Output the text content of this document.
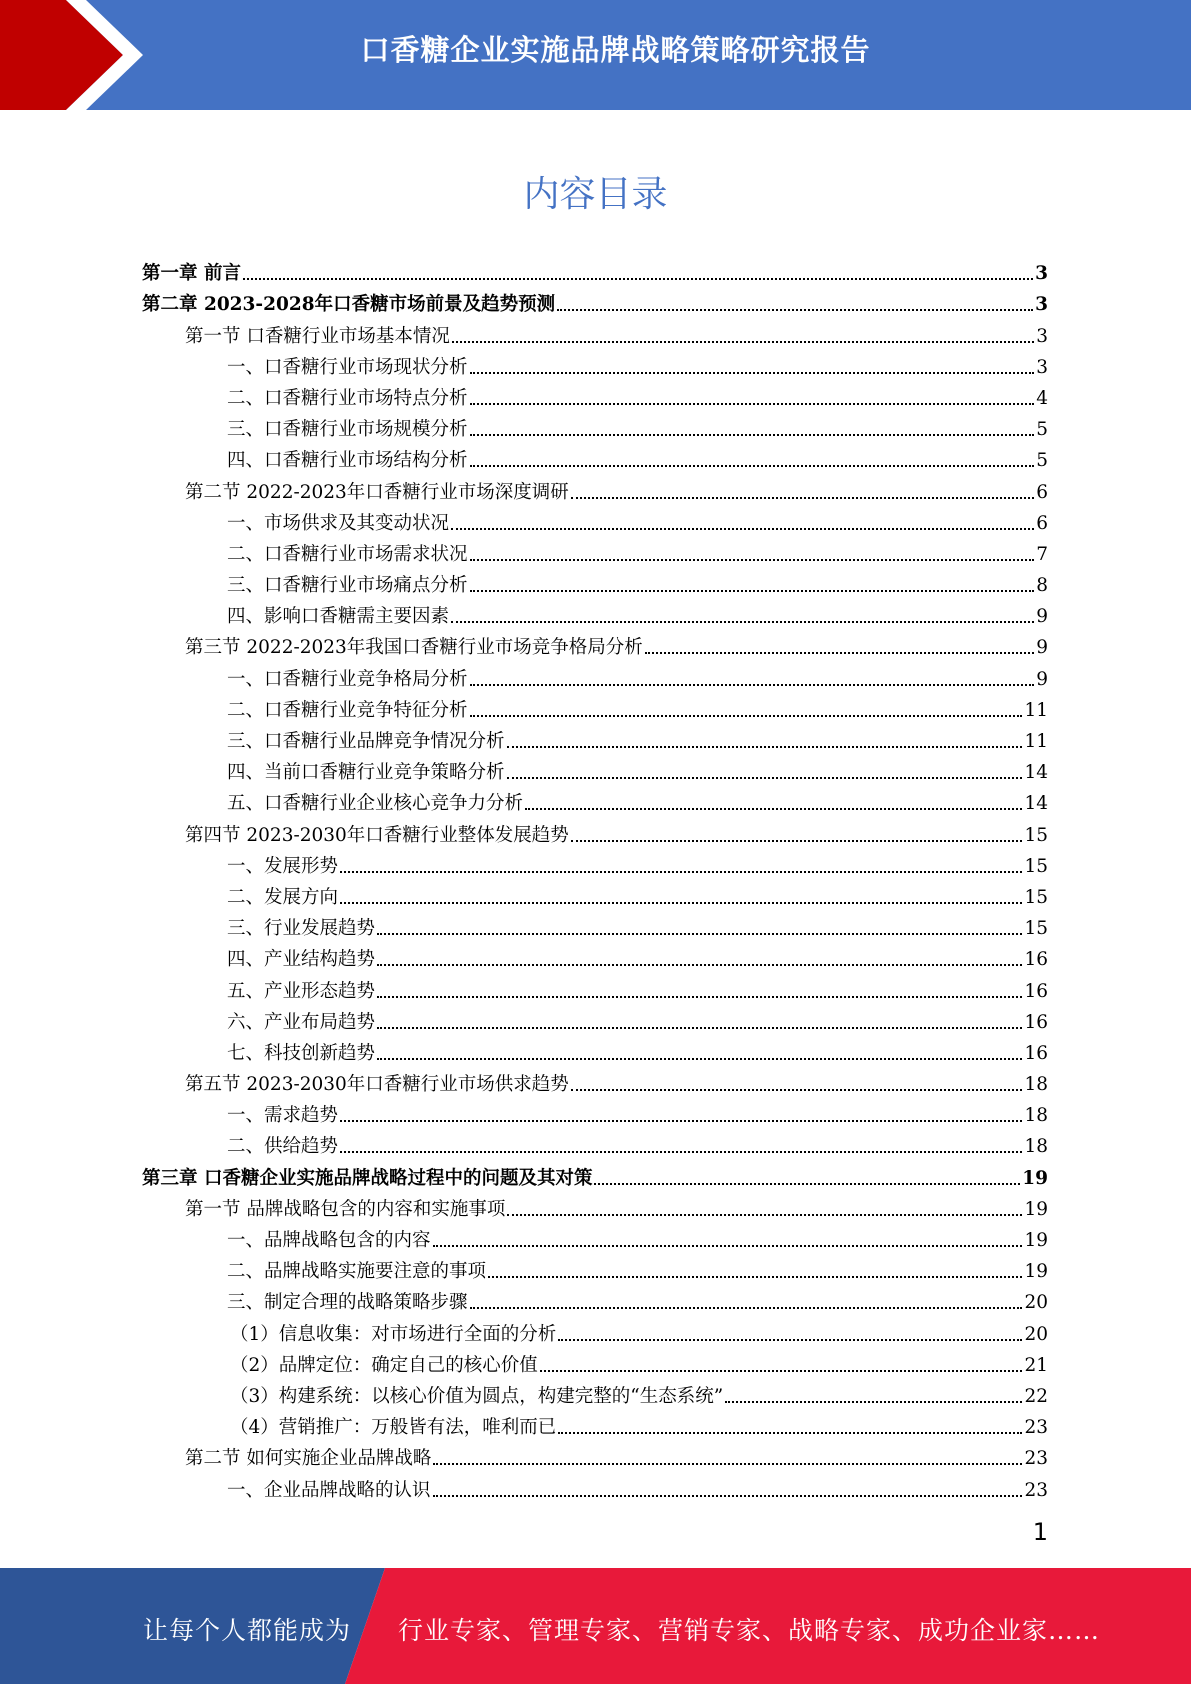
口香糖企业实施品牌战略策略研究报告
内容目录
第一章 前言	3
第二章 2023-2028年口香糖市场前景及趋势预测	3
第一节 口香糖行业市场基本情况	3
一、口香糖行业市场现状分析	3
二、口香糖行业市场特点分析	4
三、口香糖行业市场规模分析	5
四、口香糖行业市场结构分析	5
第二节 2022-2023年口香糖行业市场深度调研	6
一、市场供求及其变动状况	6
二、口香糖行业市场需求状况	7
三、口香糖行业市场痛点分析	8
四、影响口香糖需主要因素	9
第三节 2022-2023年我国口香糖行业市场竞争格局分析	9
一、口香糖行业竞争格局分析	9
二、口香糖行业竞争特征分析	11
三、口香糖行业品牌竞争情况分析	11
四、当前口香糖行业竞争策略分析	14
五、口香糖行业企业核心竞争力分析	14
第四节 2023-2030年口香糖行业整体发展趋势	15
一、发展形势	15
二、发展方向	15
三、行业发展趋势	15
四、产业结构趋势	16
五、产业形态趋势	16
六、产业布局趋势	16
七、科技创新趋势	16
第五节 2023-2030年口香糖行业市场供求趋势	18
一、需求趋势	18
二、供给趋势	18
第三章 口香糖企业实施品牌战略过程中的问题及其对策	19
第一节 品牌战略包含的内容和实施事项	19
一、品牌战略包含的内容	19
二、品牌战略实施要注意的事项	19
三、制定合理的战略策略步骤	20
（1）信息收集：对市场进行全面的分析	20
（2）品牌定位：确定自己的核心价值	21
（3）构建系统：以核心价值为圆点，构建完整的“生态系统”	22
（4）营销推广：万般皆有法，唯利而已	23
第二节 如何实施企业品牌战略	23
一、企业品牌战略的认识	23
1
让每个人都能成为 行业专家、管理专家、营销专家、战略专家、成功企业家……
